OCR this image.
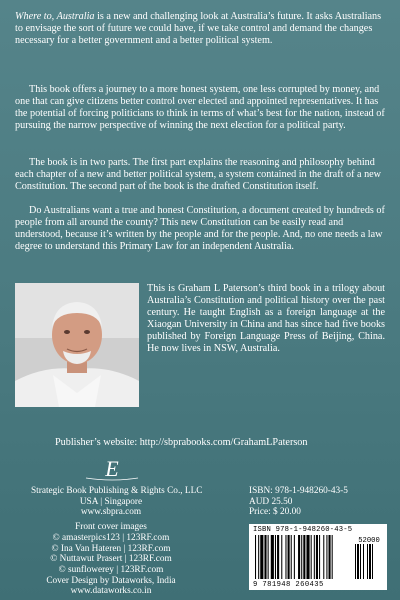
Where to, Australia is a new and challenging look at Australia’s future. It asks Australians to envisage the sort of future we could have, if we take control and demand the changes necessary for a better government and a better political system.

This book offers a journey to a more honest system, one less corrupted by money, and one that can give citizens better control over elected and appointed representatives. It has the potential of forcing politicians to think in terms of what’s best for the nation, instead of pursuing the narrow perspective of winning the next election for a political party.

The book is in two parts. The first part explains the reasoning and philosophy behind each chapter of a new and better political system, a system contained in the draft of a new Constitution. The second part of the book is the drafted Constitution itself.

Do Australians want a true and honest Constitution, a document created by hundreds of people from all around the county? This new Constitution can be easily read and understood, because it’s written by the people and for the people. And, no one needs a law degree to understand this Primary Law for an independent Australia.

This is Graham L Paterson’s third book in a trilogy about Australia’s Constitution and political history over the past century. He taught English as a foreign language at the Xiaogan University in China and has since had five books published by Foreign Language Press of Beijing, China. He now lives in NSW, Australia.

Publisher’s website: http://sbprabooks.com/GrahamLPaterson
E
Strategic Book Publishing & Rights Co., LLC
USA | Singapore
www.sbpra.com
Front cover images
© amasterpics123 | 123RF.com
© Ina Van Hateren | 123RF.com
© Nuttawut Prasert | 123RF.com
© sunflowerey | 123RF.com
Cover Design by Dataworks, India
www.dataworks.co.in
ISBN: 978-1-948260-43-5
AUD 25.50
Price: $ 20.00
ISBN 978-1-948260-43-5
52000
9 781948 260435
